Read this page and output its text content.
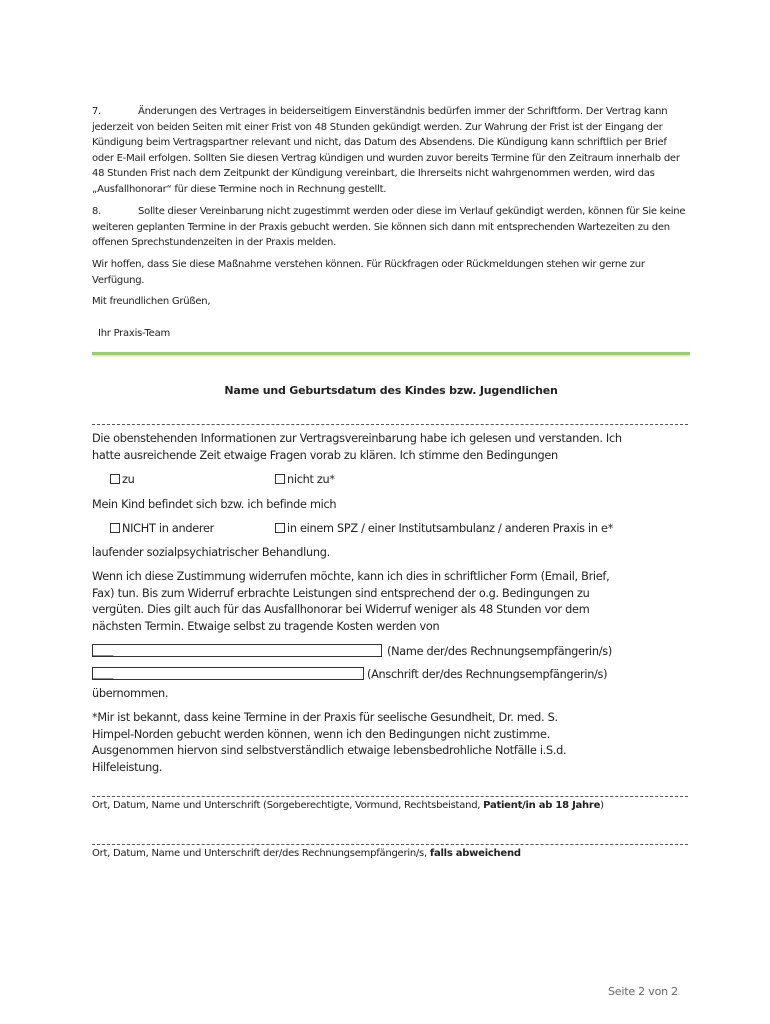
7.	Änderungen des Vertrages in beiderseitigem Einverständnis bedürfen immer der Schriftform. Der Vertrag kann jederzeit von beiden Seiten mit einer Frist von 48 Stunden gekündigt werden. Zur Wahrung der Frist ist der Eingang der Kündigung beim Vertragspartner relevant und nicht, das Datum des Absendens. Die Kündigung kann schriftlich per Brief oder E-Mail erfolgen. Sollten Sie diesen Vertrag kündigen und wurden zuvor bereits Termine für den Zeitraum innerhalb der 48 Stunden Frist nach dem Zeitpunkt der Kündigung vereinbart, die Ihrerseits nicht wahrgenommen werden, wird das „Ausfallhonorar“ für diese Termine noch in Rechnung gestellt.
8.	Sollte dieser Vereinbarung nicht zugestimmt werden oder diese im Verlauf gekündigt werden, können für Sie keine weiteren geplanten Termine in der Praxis gebucht werden. Sie können sich dann mit entsprechenden Wartezeiten zu den offenen Sprechstundenzeiten in der Praxis melden.
Wir hoffen, dass Sie diese Maßnahme verstehen können. Für Rückfragen oder Rückmeldungen stehen wir gerne zur Verfügung.
Mit freundlichen Grüßen,
Ihr Praxis-Team
Name und Geburtsdatum des Kindes bzw. Jugendlichen
Die obenstehenden Informationen zur Vertragsvereinbarung habe ich gelesen und verstanden. Ich hatte ausreichende Zeit etwaige Fragen vorab zu klären. Ich stimme den Bedingungen
zu	nicht zu*
Mein Kind befindet sich bzw. ich befinde mich
NICHT in anderer	in einem SPZ / einer Institutsambulanz / anderen Praxis in e*
laufender sozialpsychiatrischer Behandlung.
Wenn ich diese Zustimmung widerrufen möchte, kann ich dies in schriftlicher Form (Email, Brief, Fax) tun. Bis zum Widerruf erbrachte Leistungen sind entsprechend der o.g. Bedingungen zu vergüten. Dies gilt auch für das Ausfallhonorar bei Widerruf weniger als 48 Stunden vor dem nächsten Termin. Etwaige selbst zu tragende Kosten werden von
_____	(Name der/des Rechnungsempfängerin/s)
_____	(Anschrift der/des Rechnungsempfängerin/s)
übernommen.
*Mir ist bekannt, dass keine Termine in der Praxis für seelische Gesundheit, Dr. med. S. Himpel-Norden gebucht werden können, wenn ich den Bedingungen nicht zustimme. Ausgenommen hiervon sind selbstverständlich etwaige lebensbedrohliche Notfälle i.S.d. Hilfeleistung.
Ort, Datum, Name und Unterschrift (Sorgeberechtigte, Vormund, Rechtsbeistand, Patient/in ab 18 Jahre)
Ort, Datum, Name und Unterschrift der/des Rechnungsempfängerin/s, falls abweichend
Seite 2 von 2
